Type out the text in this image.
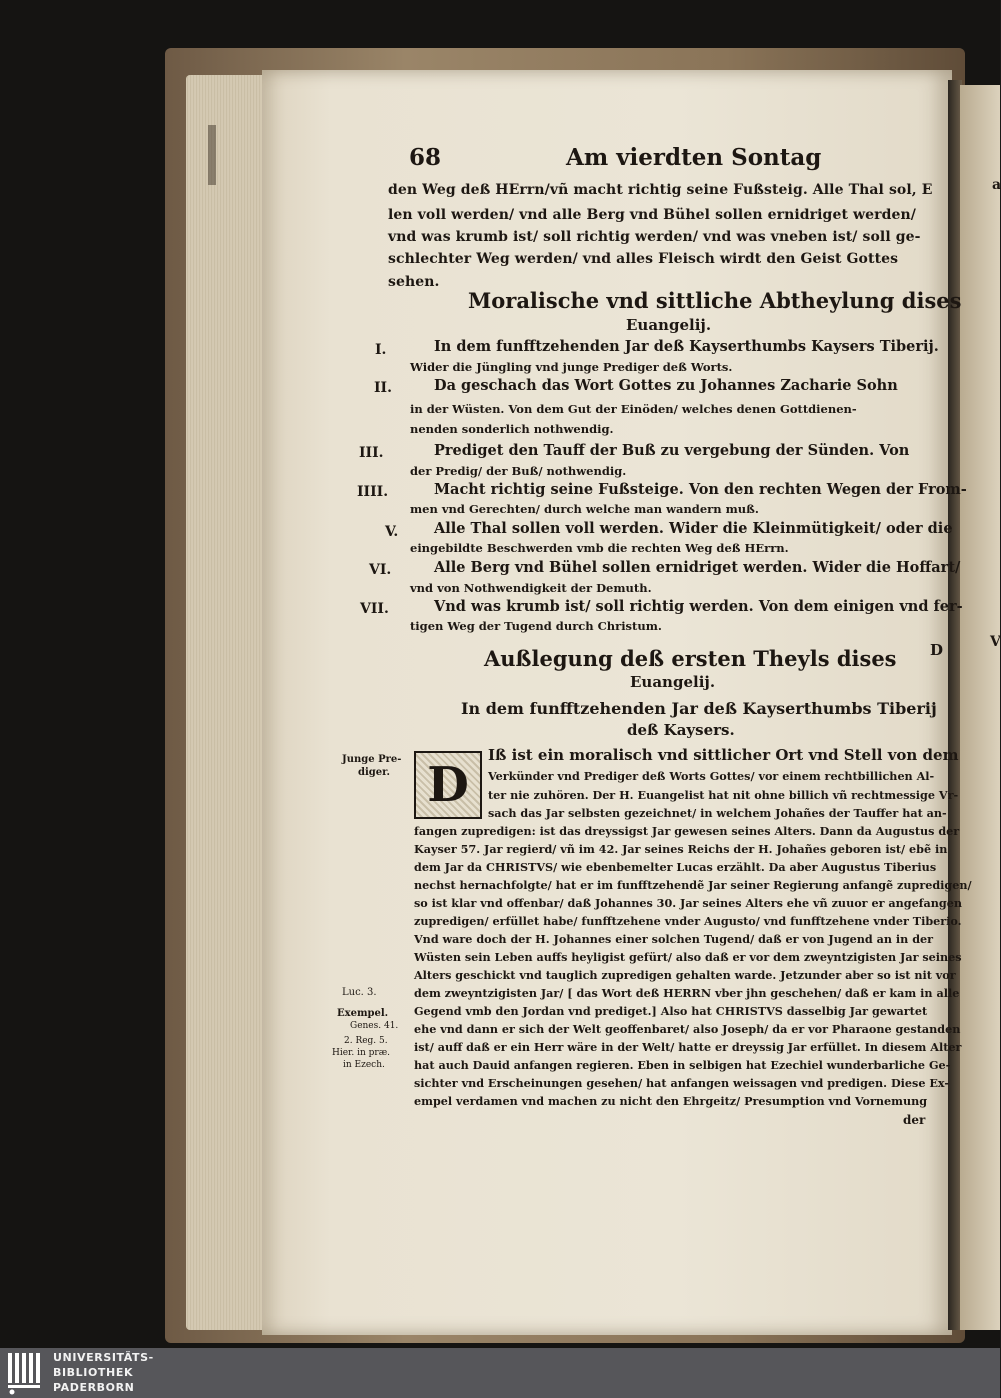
68	Am vierdten Sontag
den Weg deß HErrn/vñ macht richtig seine Fußsteig. Alle Thal sol, E
len voll werden/ vnd alle Berg vnd Bühel sollen ernidriget werden/
vnd was krumb ist/ soll richtig werden/ vnd was vneben ist/ soll ge-
schlechter Weg werden/ vnd alles Fleisch wirdt den Geist Gottes
sehen.
Moralische vnd sittliche Abtheylung dises
Euangelij.
I.	In dem funfftzehenden Jar deß Kayserthumbs Kaysers Tiberij.
Wider die Jüngling vnd junge Prediger deß Worts.
II.	Da geschach das Wort Gottes zu Johannes Zacharie Sohn
in der Wüsten. Von dem Gut der Einöden/ welches denen Gottdienen-
nenden sonderlich nothwendig.
III.	Prediget den Tauff der Buß zu vergebung der Sünden. Von
der Predig/ der Buß/ nothwendig.
IIII.	Macht richtig seine Fußsteige. Von den rechten Wegen der From-
men vnd Gerechten/ durch welche man wandern muß.
V. Alle Thal sollen voll werden. Wider die Kleinmütigkeit/ oder die
eingebildte Beschwerden vmb die rechten Weg deß HErrn.
VI.	Alle Berg vnd Bühel sollen ernidriget werden. Wider die Hoffart/
vnd von Nothwendigkeit der Demuth.
VII.	Vnd was krumb ist/ soll richtig werden. Von dem einigen vnd fer-
tigen Weg der Tugend durch Christum.
a
D	V
Außlegung deß ersten Theyls dises
Euangelij.
In dem funfftzehenden Jar deß Kayserthumbs Tiberij
deß Kaysers.
Junge Pre-
diger.
Luc. 3.
Exempel.
Genes. 41.
2. Reg. 5.
Hier. in præ.
in Ezech.
D
Iß ist ein moralisch vnd sittlicher Ort vnd Stell von dem
Verkünder vnd Prediger deß Worts Gottes/ vor einem rechtbillichen Al-
ter nie zuhören. Der H. Euangelist hat nit ohne billich vñ rechtmessige Vr-
sach das Jar selbsten gezeichnet/ in welchem Johañes der Tauffer hat an-
fangen zupredigen: ist das dreyssigst Jar gewesen seines Alters. Dann da Augustus der
Kayser 57. Jar regierd/ vñ im 42. Jar seines Reichs der H. Johañes geboren ist/ ebẽ in
dem Jar da CHRISTVS/ wie ebenbemelter Lucas erzählt. Da aber Augustus Tiberius
nechst hernachfolgte/ hat er im funfftzehendẽ Jar seiner Regierung anfangẽ zupredigen/
so ist klar vnd offenbar/ daß Johannes 30. Jar seines Alters ehe vñ zuuor er angefangen
zupredigen/ erfüllet habe/ funfftzehene vnder Augusto/ vnd funfftzehene vnder Tiberio.
Vnd ware doch der H. Johannes einer solchen Tugend/ daß er von Jugend an in der
Wüsten sein Leben auffs heyligist gefürt/ also daß er vor dem zweyntzigisten Jar seines
Alters geschickt vnd tauglich zupredigen gehalten warde. Jetzunder aber so ist nit vor
dem zweyntzigisten Jar/ [ das Wort deß HERRN vber jhn geschehen/ daß er kam in alle
Gegend vmb den Jordan vnd prediget.] Also hat CHRISTVS dasselbig Jar gewartet
ehe vnd dann er sich der Welt geoffenbaret/ also Joseph/ da er vor Pharaone gestanden
ist/ auff daß er ein Herr wäre in der Welt/ hatte er dreyssig Jar erfüllet. In diesem Alter
hat auch Dauid anfangen regieren. Eben in selbigen hat Ezechiel wunderbarliche Ge-
sichter vnd Erscheinungen gesehen/ hat anfangen weissagen vnd predigen. Diese Ex-
empel verdamen vnd machen zu nicht den Ehrgeitz/ Presumption vnd Vornemung
der
UNIVERSITÄTS-
BIBLIOTHEK
PADERBORN
